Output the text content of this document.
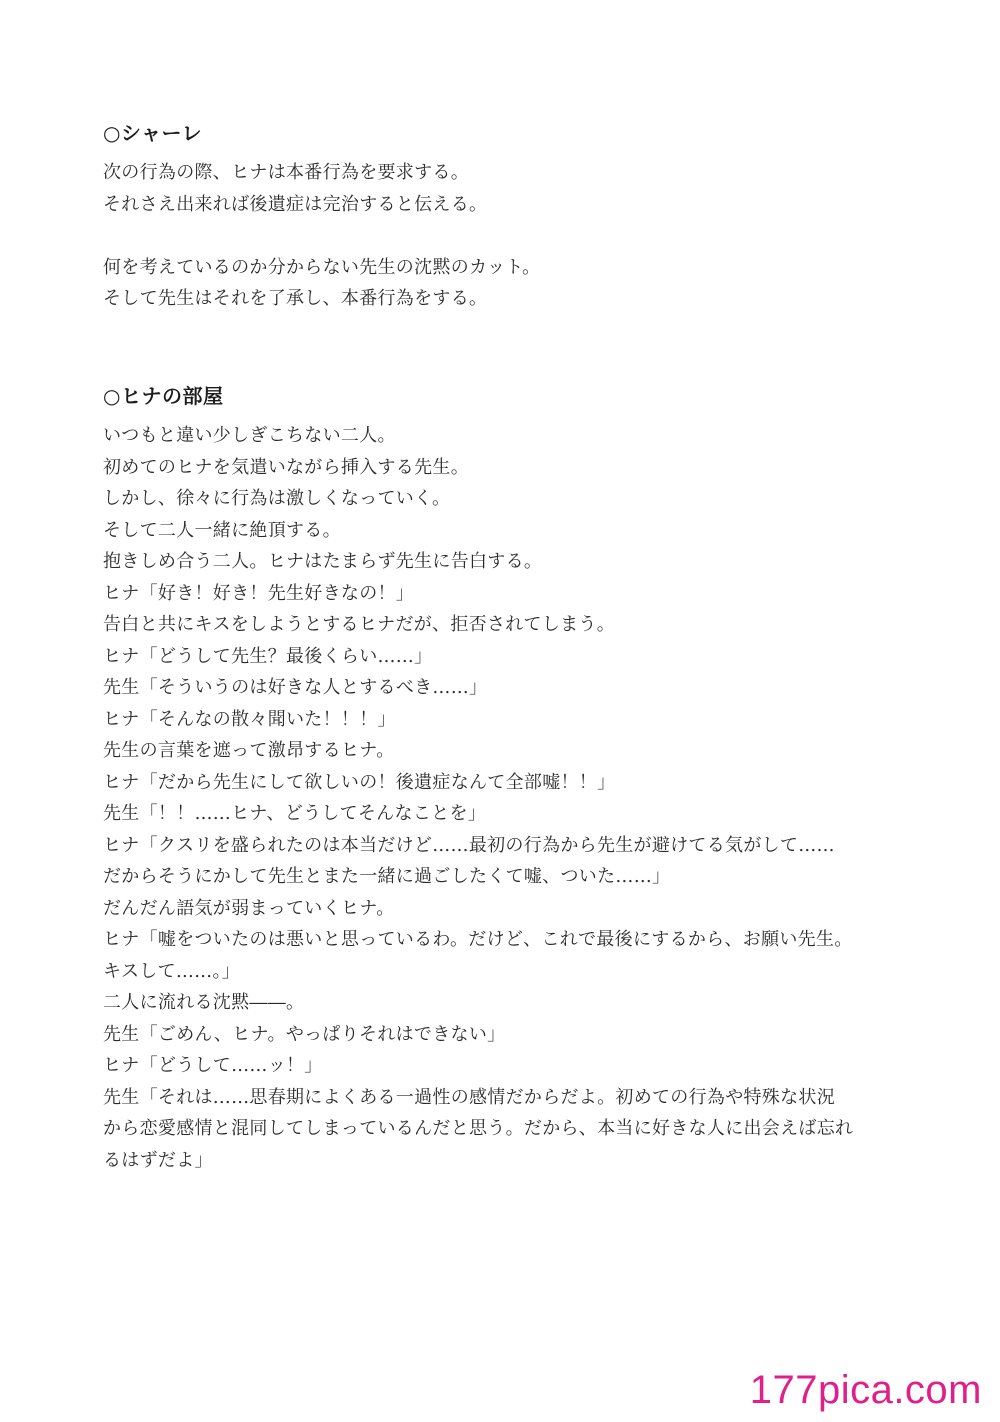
○シャーレ
次の行為の際、ヒナは本番行為を要求する。
それさえ出来れば後遺症は完治すると伝える。
何を考えているのか分からない先生の沈黙のカット。
そして先生はそれを了承し、本番行為をする。
○ヒナの部屋
いつもと違い少しぎこちない二人。
初めてのヒナを気遣いながら挿入する先生。
しかし、徐々に行為は激しくなっていく。
そして二人一緒に絶頂する。
抱きしめ合う二人。ヒナはたまらず先生に告白する。
ヒナ「好き！好き！先生好きなの！」
告白と共にキスをしようとするヒナだが、拒否されてしまう。
ヒナ「どうして先生？最後くらい……」
先生「そういうのは好きな人とするべき……」
ヒナ「そんなの散々聞いた！！！」
先生の言葉を遮って激昂するヒナ。
ヒナ「だから先生にして欲しいの！後遺症なんて全部嘘！！」
先生「！！……ヒナ、どうしてそんなことを」
ヒナ「クスリを盛られたのは本当だけど……最初の行為から先生が避けてる気がして……
だからそうにかして先生とまた一緒に過ごしたくて嘘、ついた……」
だんだん語気が弱まっていくヒナ。
ヒナ「嘘をついたのは悪いと思っているわ。だけど、これで最後にするから、お願い先生。
キスして……。」
二人に流れる沈黙――。
先生「ごめん、ヒナ。やっぱりそれはできない」
ヒナ「どうして……ッ！」
先生「それは……思春期によくある一過性の感情だからだよ。初めての行為や特殊な状況
から恋愛感情と混同してしまっているんだと思う。だから、本当に好きな人に出会えば忘れ
るはずだよ」
177pica.com
